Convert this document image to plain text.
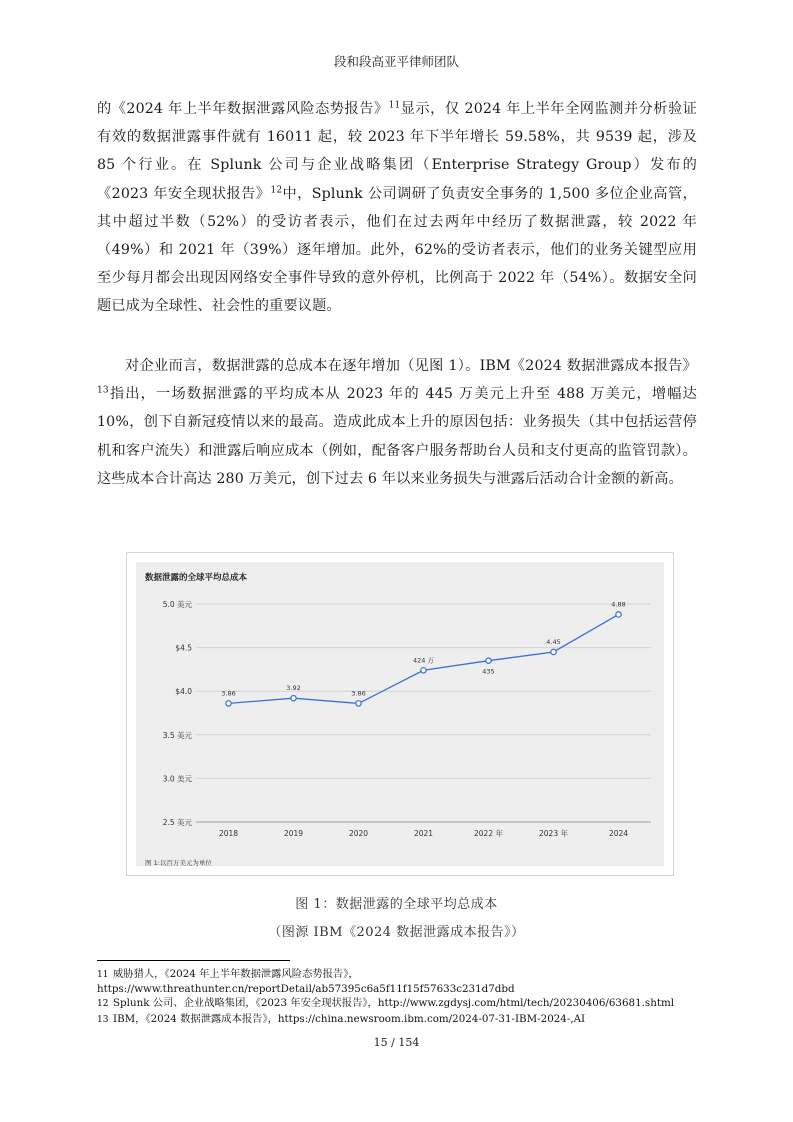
段和段高亚平律师团队

的《2024 年上半年数据泄露风险态势报告》$^{11}$显示，仅 2024 年上半年全网监测并分析验证有效的数据泄露事件就有 16011 起，较 2023 年下半年增长 59.58%，共 9539 起，涉及 85 个行业。在 Splunk 公司与企业战略集团（Enterprise Strategy Group）发布的《2023 年安全现状报告》$^{12}$中，Splunk 公司调研了负责安全事务的 1,500 多位企业高管，其中超过半数（52%）的受访者表示，他们在过去两年中经历了数据泄露，较 2022 年（49%）和 2021 年（39%）逐年增加。此外，62%的受访者表示，他们的业务关键型应用至少每月都会出现因网络安全事件导致的意外停机，比例高于 2022 年（54%）。数据安全问题已成为全球性、社会性的重要议题。

对企业而言，数据泄露的总成本在逐年增加（见图 1）。IBM《2024 数据泄露成本报告》$^{13}$指出，一场数据泄露的平均成本从 2023 年的 445 万美元上升至 488 万美元，增幅达 10%，创下自新冠疫情以来的最高。造成此成本上升的原因包括：业务损失（其中包括运营停机和客户流失）和泄露后响应成本（例如，配备客户服务帮助台人员和支付更高的监管罚款）。这些成本合计高达 280 万美元，创下过去 6 年以来业务损失与泄露后活动合计金额的新高。

数据泄露的全球平均总成本
2.5 美元
3.0 美元
3.5 美元
$4.0
$4.5
5.0 美元
2018	2019	2020	2021	2022 年	2023 年	2024
3.86
3.92
3.86
424 万
435
4.45
4.88
图 1:以百万美元为单位
图 1：数据泄露的全球平均总成本
（图源 IBM《2024 数据泄露成本报告》）
11 威胁猎人，《2024 年上半年数据泄露风险态势报告》，
https://www.threathunter.cn/reportDetail/ab57395c6a5f11f15f57633c231d7dbd
12 Splunk 公司、企业战略集团，《2023 年安全现状报告》，http://www.zgdysj.com/html/tech/20230406/63681.shtml
13 IBM，《2024 数据泄露成本报告》，https://china.newsroom.ibm.com/2024-07-31-IBM-2024-,AI
15 / 154
